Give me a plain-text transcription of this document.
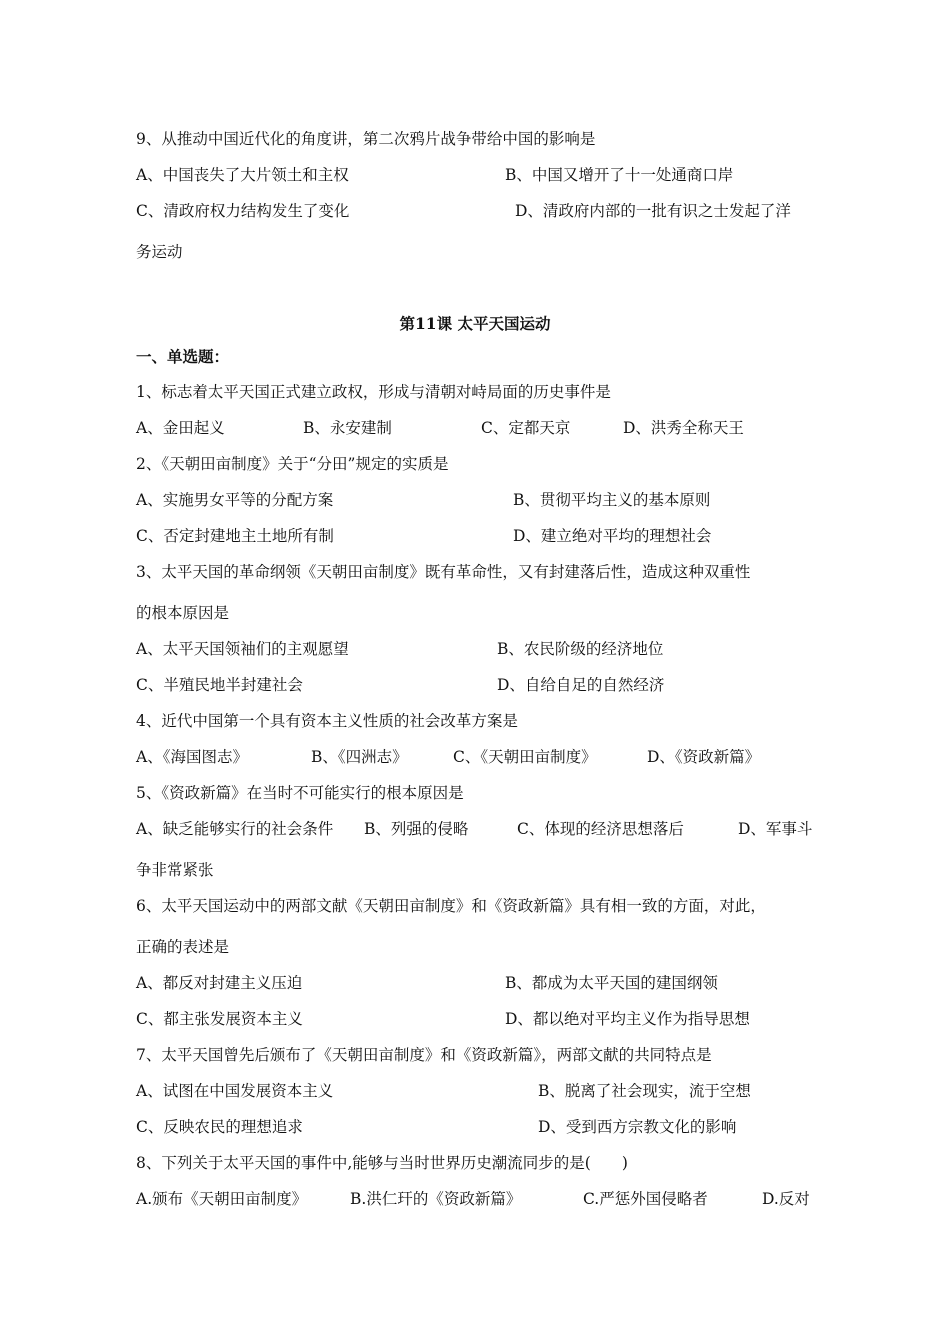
9、从推动中国近代化的角度讲，第二次鸦片战争带给中国的影响是
A、中国丧失了大片领土和主权	B、中国又增开了十一处通商口岸
C、清政府权力结构发生了变化	D、清政府内部的一批有识之士发起了洋
务运动
第11课 太平天国运动
一、单选题：
1、标志着太平天国正式建立政权，形成与清朝对峙局面的历史事件是
A、金田起义	B、永安建制	C、定都天京	D、洪秀全称天王
2、《天朝田亩制度》关于“分田”规定的实质是
A、实施男女平等的分配方案	B、贯彻平均主义的基本原则
C、否定封建地主土地所有制	D、建立绝对平均的理想社会
3、太平天国的革命纲领《天朝田亩制度》既有革命性，又有封建落后性，造成这种双重性
的根本原因是
A、太平天国领袖们的主观愿望	B、农民阶级的经济地位
C、半殖民地半封建社会	D、自给自足的自然经济
4、近代中国第一个具有资本主义性质的社会改革方案是
A、《海国图志》	B、《四洲志》	C、《天朝田亩制度》	D、《资政新篇》
5、《资政新篇》在当时不可能实行的根本原因是
A、缺乏能够实行的社会条件 B、列强的侵略	C、体现的经济思想落后	D、军事斗
争非常紧张
6、太平天国运动中的两部文献《天朝田亩制度》和《资政新篇》具有相一致的方面，对此，
正确的表述是
A、都反对封建主义压迫	B、都成为太平天国的建国纲领
C、都主张发展资本主义	D、都以绝对平均主义作为指导思想
7、太平天国曾先后颁布了《天朝田亩制度》和《资政新篇》，两部文献的共同特点是
A、试图在中国发展资本主义	B、脱离了社会现实，流于空想
C、反映农民的理想追求	D、受到西方宗教文化的影响
8、下列关于太平天国的事件中,能够与当时世界历史潮流同步的是(　　)
A.颁布《天朝田亩制度》	B.洪仁玕的《资政新篇》	C.严惩外国侵略者	D.反对
